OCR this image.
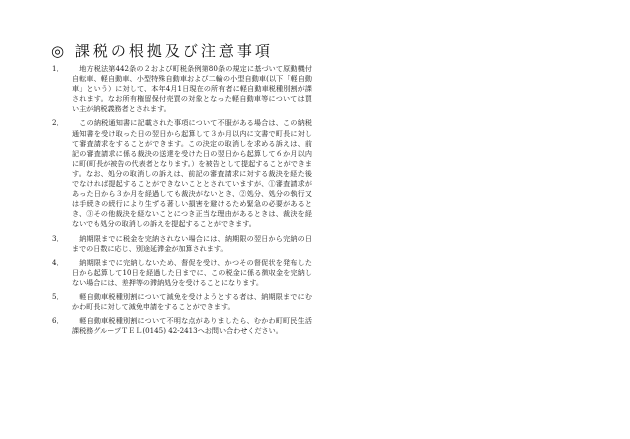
◎ 課税の根拠及び注意事項
1．	　地方税法第442条の２および町税条例第80条の規定に基づいて原動機付自転車、軽自動車、小型特殊自動車および二輪の小型自動車(以下「軽自動車」という）に対して、本年4月1日現在の所有者に軽自動車税種別割が課されます。なお所有権留保付売買の対象となった軽自動車等については買い主が納税義務者とされます。
2．	　この納税通知書に記載された事項について不服がある場合は、この納税通知書を受け取った日の翌日から起算して３か月以内に文書で町長に対して審査請求をすることができます。この決定の取消しを求める訴えは、前記の審査請求に係る裁決の送達を受けた日の翌日から起算して６か月以内に町(町長が被告の代表者となります。）を被告として提起することができます。なお、処分の取消しの訴えは、前記の審査請求に対する裁決を経た後でなければ提起することができないこととされていますが、①審査請求があった日から３か月を経過しても裁決がないとき、②処分、処分の執行又は手続きの続行により生ずる著しい損害を避けるため緊急の必要があるとき、③その他裁決を経ないことにつき正当な理由があるときは、裁決を経ないでも処分の取消しの訴えを提起することができます。
3．	　納期限までに税金を完納されない場合には、納期限の翌日から完納の日までの日数に応じ、別途延滞金が加算されます。
4．	　納期限までに完納しないため、督促を受け、かつその督促状を発布した日から起算して10日を経過した日までに、この税金に係る徴収金を完納しない場合には、差押等の滞納処分を受けることになります。
5．	　軽自動車税種別割について減免を受けようとする者は、納期限までにむかわ町長に対して減免申請をすることができます。
6．	　軽自動車税種別割について不明な点がありましたら、むかわ町町民生活課税務グループＴＥＬ(0145) 42-2413へお問い合わせください。
